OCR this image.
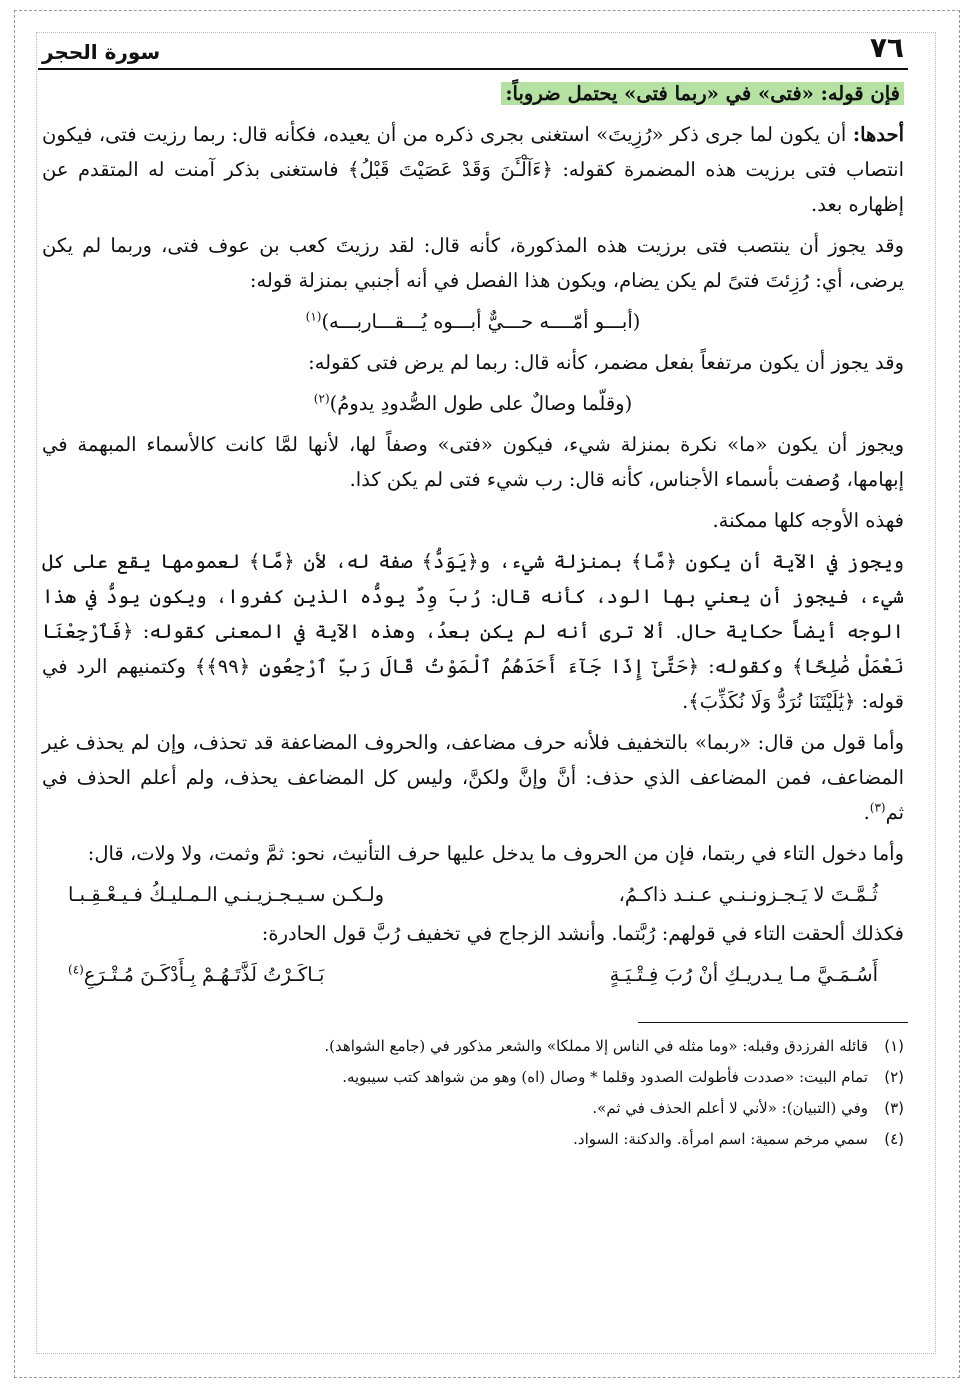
٧٦
سورة الحجر

فإن قوله: «فتى» في «ربما فتى» يحتمل ضروباً:

أحدها: أن يكون لما جرى ذكر «رُزِيتَ» استغنى بجرى ذكره من أن يعيده، فكأنه قال: ربما رزيت فتى، فيكون انتصاب فتى برزيت هذه المضمرة كقوله: ﴿ءَآلْـَٔنَ وَقَدْ عَصَيْتَ قَبْلُ﴾ فاستغنى بذكر آمنت له المتقدم عن إظهاره بعد.

وقد يجوز أن ينتصب فتى برزيت هذه المذكورة، كأنه قال: لقد رزيتَ كعب بن عوف فتى، وربما لم يكن يرضى، أي: رُزِئتَ فتىً لم يكن يضام، ويكون هذا الفصل في أنه أجنبي بمنزلة قوله:

(أبـــو أمّــــه حـــيٌّ أبـــوه يُـــقـــاربـــه)$^{(١)}$

وقد يجوز أن يكون مرتفعاً بفعل مضمر، كأنه قال: ربما لم يرض فتى كقوله:

(وقلّما وصالٌ على طول الصُّدودِ يدومُ)$^{(٢)}$

ويجوز أن يكون «ما» نكرة بمنزلة شيء، فيكون «فتى» وصفاً لها، لأنها لمَّا كانت كالأسماء المبهمة في إبهامها، وُصفت بأسماء الأجناس، كأنه قال: رب شيء فتى لم يكن كذا.

فهذه الأوجه كلها ممكنة.

ويجوز في الآية أن يكون ﴿مَّا﴾ بمنزلة شيء، و﴿يَوَدُّ﴾ صفة له، لأن ﴿مَّا﴾ لعمومها يقع على كل شيء، فيجوز أن يعني بها الود، كأنه قال: رُبَ وِدٌ يودُّه الذين كفروا، ويكون يودُّ في هذا الوجه أيضاً حكاية حال. ألا ترى أنه لم يكن بعدُ، وهذه الآية في المعنى كقوله: ﴿فَٱرْجِعْنَا نَعْمَلْ صَٰلِحًا﴾ وكقوله: ﴿حَتَّىٰٓ إِذَا جَآءَ أَحَدَهُمُ ٱلْمَوْتُ قَالَ رَبِّ ٱرْجِعُونِ ﴿٩٩﴾﴾ وكتمنيهم الرد في قوله: ﴿يَٰلَيْتَنَا نُرَدُّ وَلَا نُكَذِّبَ﴾.

وأما قول من قال: «ربما» بالتخفيف فلأنه حرف مضاعف، والحروف المضاعفة قد تحذف، وإن لم يحذف غير المضاعف، فمن المضاعف الذي حذف: أنَّ وإنَّ ولكنَّ، وليس كل المضاعف يحذف، ولم أعلم الحذف في ثم$^{(٣)}$.

وأما دخول التاء في ربتما، فإن من الحروف ما يدخل عليها حرف التأنيث، نحو: ثمَّ وثمت، ولا ولات، قال:

ثُـمَّـتَ لا يَـجـزونـنـي عـنـد ذاكـمُ،
ولـكـن سـيـجـزيـنـي الـمـليـكُ فـيـعْـقِـبـا

فكذلك ألحقت التاء في قولهم: رُبَّتما. وأنشد الزجاج في تخفيف رُبَّ قول الحادرة:

أَسُـمَـيَّ مـا يـدريـكِ أنْ رُبَ فِـتْـيَـةٍ
بَـاكَـرْتُ لَذَّتَـهُـمْ بِـأَدْكَـنَ مُـتْـرَعِ$^{(٤)}$
(١)
قائله الفرزدق وقبله: «وما مثله في الناس إلا مملكا» والشعر مذكور في (جامع الشواهد).
(٢)
تمام البيت: «صددت فأطولت الصدود وقلما * وصال (اه) وهو من شواهد كتب سيبويه.
(٣)
وفي (التبيان): «لأني لا أعلم الحذف في ثم».
(٤)
سمي مرخم سمية: اسم امرأة. والدكنة: السواد.
